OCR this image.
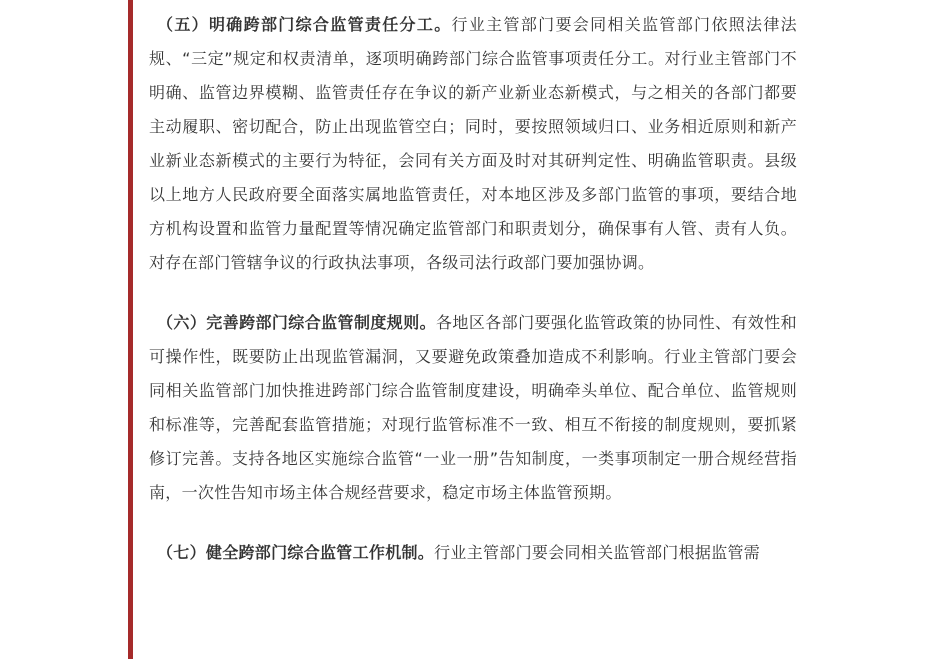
（五）明确跨部门综合监管责任分工。行业主管部门要会同相关监管部门依照法律法规、“三定”规定和权责清单，逐项明确跨部门综合监管事项责任分工。对行业主管部门不明确、监管边界模糊、监管责任存在争议的新产业新业态新模式，与之相关的各部门都要主动履职、密切配合，防止出现监管空白；同时，要按照领域归口、业务相近原则和新产业新业态新模式的主要行为特征，会同有关方面及时对其研判定性、明确监管职责。县级以上地方人民政府要全面落实属地监管责任，对本地区涉及多部门监管的事项，要结合地方机构设置和监管力量配置等情况确定监管部门和职责划分，确保事有人管、责有人负。对存在部门管辖争议的行政执法事项，各级司法行政部门要加强协调。

（六）完善跨部门综合监管制度规则。各地区各部门要强化监管政策的协同性、有效性和可操作性，既要防止出现监管漏洞，又要避免政策叠加造成不利影响。行业主管部门要会同相关监管部门加快推进跨部门综合监管制度建设，明确牵头单位、配合单位、监管规则和标准等，完善配套监管措施；对现行监管标准不一致、相互不衔接的制度规则，要抓紧修订完善。支持各地区实施综合监管“一业一册”告知制度，一类事项制定一册合规经营指南，一次性告知市场主体合规经营要求，稳定市场主体监管预期。

（七）健全跨部门综合监管工作机制。行业主管部门要会同相关监管部门根据监管需
